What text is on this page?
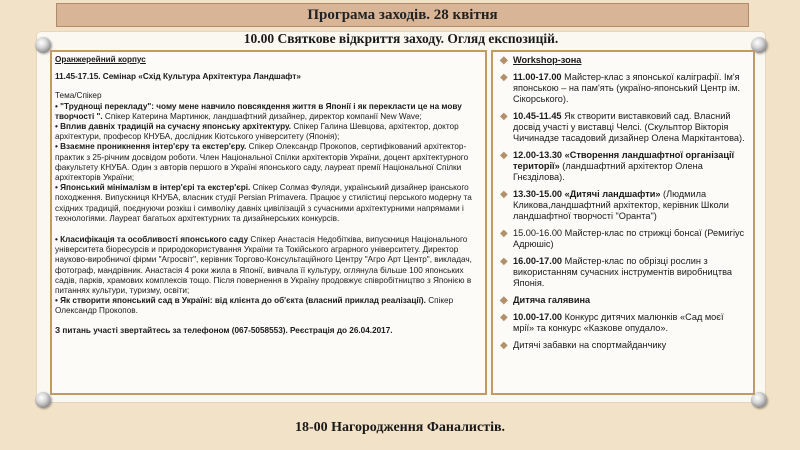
Програма заходів. 28 квітня
10.00 Святкове відкриття заходу. Огляд експозицій.
Оранжерейний корпус
11.45-17.15. Семінар «Схід Культура Архітектура Ландшафт»
Тема/Спікер
• "Труднощі перекладу": чому мене навчило повсякдення життя в Японії і як перекласти це на мову творчості ". Спікер Катерина Мартинюк, ландшафтний дизайнер, директор компанії New Wave;
• Вплив давніх традицій на сучасну японську архітектуру. Спікер Галина Шевцова, архітектор, доктор архітектури, професор КНУБА, дослідник Кіотського університету (Японія);
• Взаємне проникнення інтер'єру та екстер'єру. Спікер Олександр Прокопов, сертифікований архітектор-практик з 25-річним досвідом роботи. Член Національної Спілки архітекторів України, доцент архітектурного факультету КНУБА. Один з авторів першого в Україні японського саду, лауреат премії Національної Спілки архітекторів України;
• Японський мінімалізм в інтер'єрі та екстер'єрі. Спікер Солмаз Фуляди, український дизайнер іранського походження. Випускниця КНУБА, власник студії Persian Primavera. Працює у стилістиці перського модерну та східних традицій, поєднуючи розкіш і символіку давніх цивілізацій з сучасними архітектурними напрямами і технологіями. Лауреат багатьох архітектурних та дизайнерських конкурсів.
• Класифікація та особливості японського саду Спікер Анастасія Недобітківа, випускниця Національного університета біоресурсів и природокористування України та Токійського аграрного університету. Директор науково-виробничої фірми "Агросвіт", керівник Торгово-Консультаційного Центру "Агро Арт Центр", викладач, фотограф, мандрівник. Анастасія 4 роки жила в Японії, вивчала її культуру, оглянула більше 100 японських садів, парків, храмових комплексів тощо. Після повернення в Україну продовжує співробітництво з Японією в питаннях культури, туризму, освіти;
• Як створити японський сад в Україні: від клієнта до об'єкта (власний приклад реалізації). Спікер Олександр Прокопов.
З питань участі звертайтесь за телефоном (067-5058553). Реєстрація до 26.04.2017.
◆ Workshop-зона
◆ 11.00-17.00 Майстер-клас з японської каліграфії. Ім'я японською – на пам'ять (україно-японський Центр ім. Сікорського).
◆ 10.45-11.45 Як створити виставковий сад. Власний досвід участі у виставці Челсі. (Скульптор Вікторія Чичинадзе тасадовий дизайнер Олена Маркітантова).
◆ 12.00-13.30 «Створення ландшафтної організації території» (ландшафтний архітектор Олена Гнєзділова).
◆ 13.30-15.00 «Дитячі ландшафти» (Людмила Кликова,ландшафтний архітектор, керівник Школи ландшафтної творчості "Оранта")
◆ 15.00-16.00 Майстер-клас по стрижці бонсаї (Ремигіус Адрюшіс)
◆ 16.00-17.00 Майстер-клас по обрізці рослин з використанням сучасних інструментів виробництва Японія.
◆ Дитяча галявина
◆ 10.00-17.00 Конкурс дитячих малюнків «Сад моєї мрії» та конкурс «Казкове опудало».
◆ Дитячі забавки на спортмайданчику
18-00 Нагородження Фаналистів.
